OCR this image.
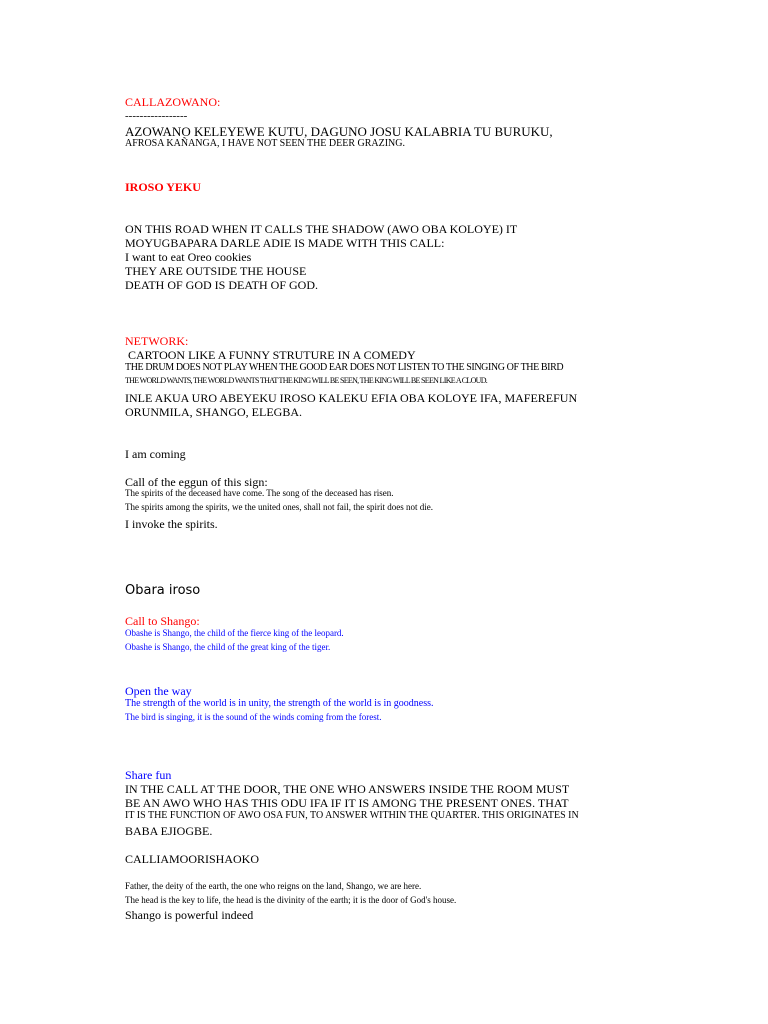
CALLAZOWANO:
-----------------
AZOWANO KELEYEWE KUTU, DAGUNO JOSU KALABRIA TU BURUKU,
AFROSA KAÑANGA, I HAVE NOT SEEN THE DEER GRAZING.
IROSO YEKU
ON THIS ROAD WHEN IT CALLS THE SHADOW (AWO OBA KOLOYE) IT
MOYUGBAPARA DARLE ADIE IS MADE WITH THIS CALL:
I want to eat Oreo cookies
THEY ARE OUTSIDE THE HOUSE
DEATH OF GOD IS DEATH OF GOD.
NETWORK:
CARTOON LIKE A FUNNY STRUTURE IN A COMEDY
THE DRUM DOES NOT PLAY WHEN THE GOOD EAR DOES NOT LISTEN TO THE SINGING OF THE BIRD
THE WORLD WANTS, THE WORLD WANTS THAT THE KING WILL BE SEEN, THE KING WILL BE SEEN LIKE A CLOUD.
INLE AKUA URO ABEYEKU IROSO KALEKU EFIA OBA KOLOYE IFA, MAFEREFUN
ORUNMILA, SHANGO, ELEGBA.
I am coming
Call of the eggun of this sign:
The spirits of the deceased have come. The song of the deceased has risen.
The spirits among the spirits, we the united ones, shall not fail, the spirit does not die.
I invoke the spirits.
Obara iroso
Call to Shango:
Obashe is Shango, the child of the fierce king of the leopard.
Obashe is Shango, the child of the great king of the tiger.
Open the way
The strength of the world is in unity, the strength of the world is in goodness.
The bird is singing, it is the sound of the winds coming from the forest.
Share fun
IN THE CALL AT THE DOOR, THE ONE WHO ANSWERS INSIDE THE ROOM MUST
BE AN AWO WHO HAS THIS ODU IFA IF IT IS AMONG THE PRESENT ONES. THAT
IT IS THE FUNCTION OF AWO OSA FUN, TO ANSWER WITHIN THE QUARTER. THIS ORIGINATES IN
BABA EJIOGBE.
CALLIAMOORISHAOKO
Father, the deity of the earth, the one who reigns on the land, Shango, we are here.
The head is the key to life, the head is the divinity of the earth; it is the door of God's house.
Shango is powerful indeed
